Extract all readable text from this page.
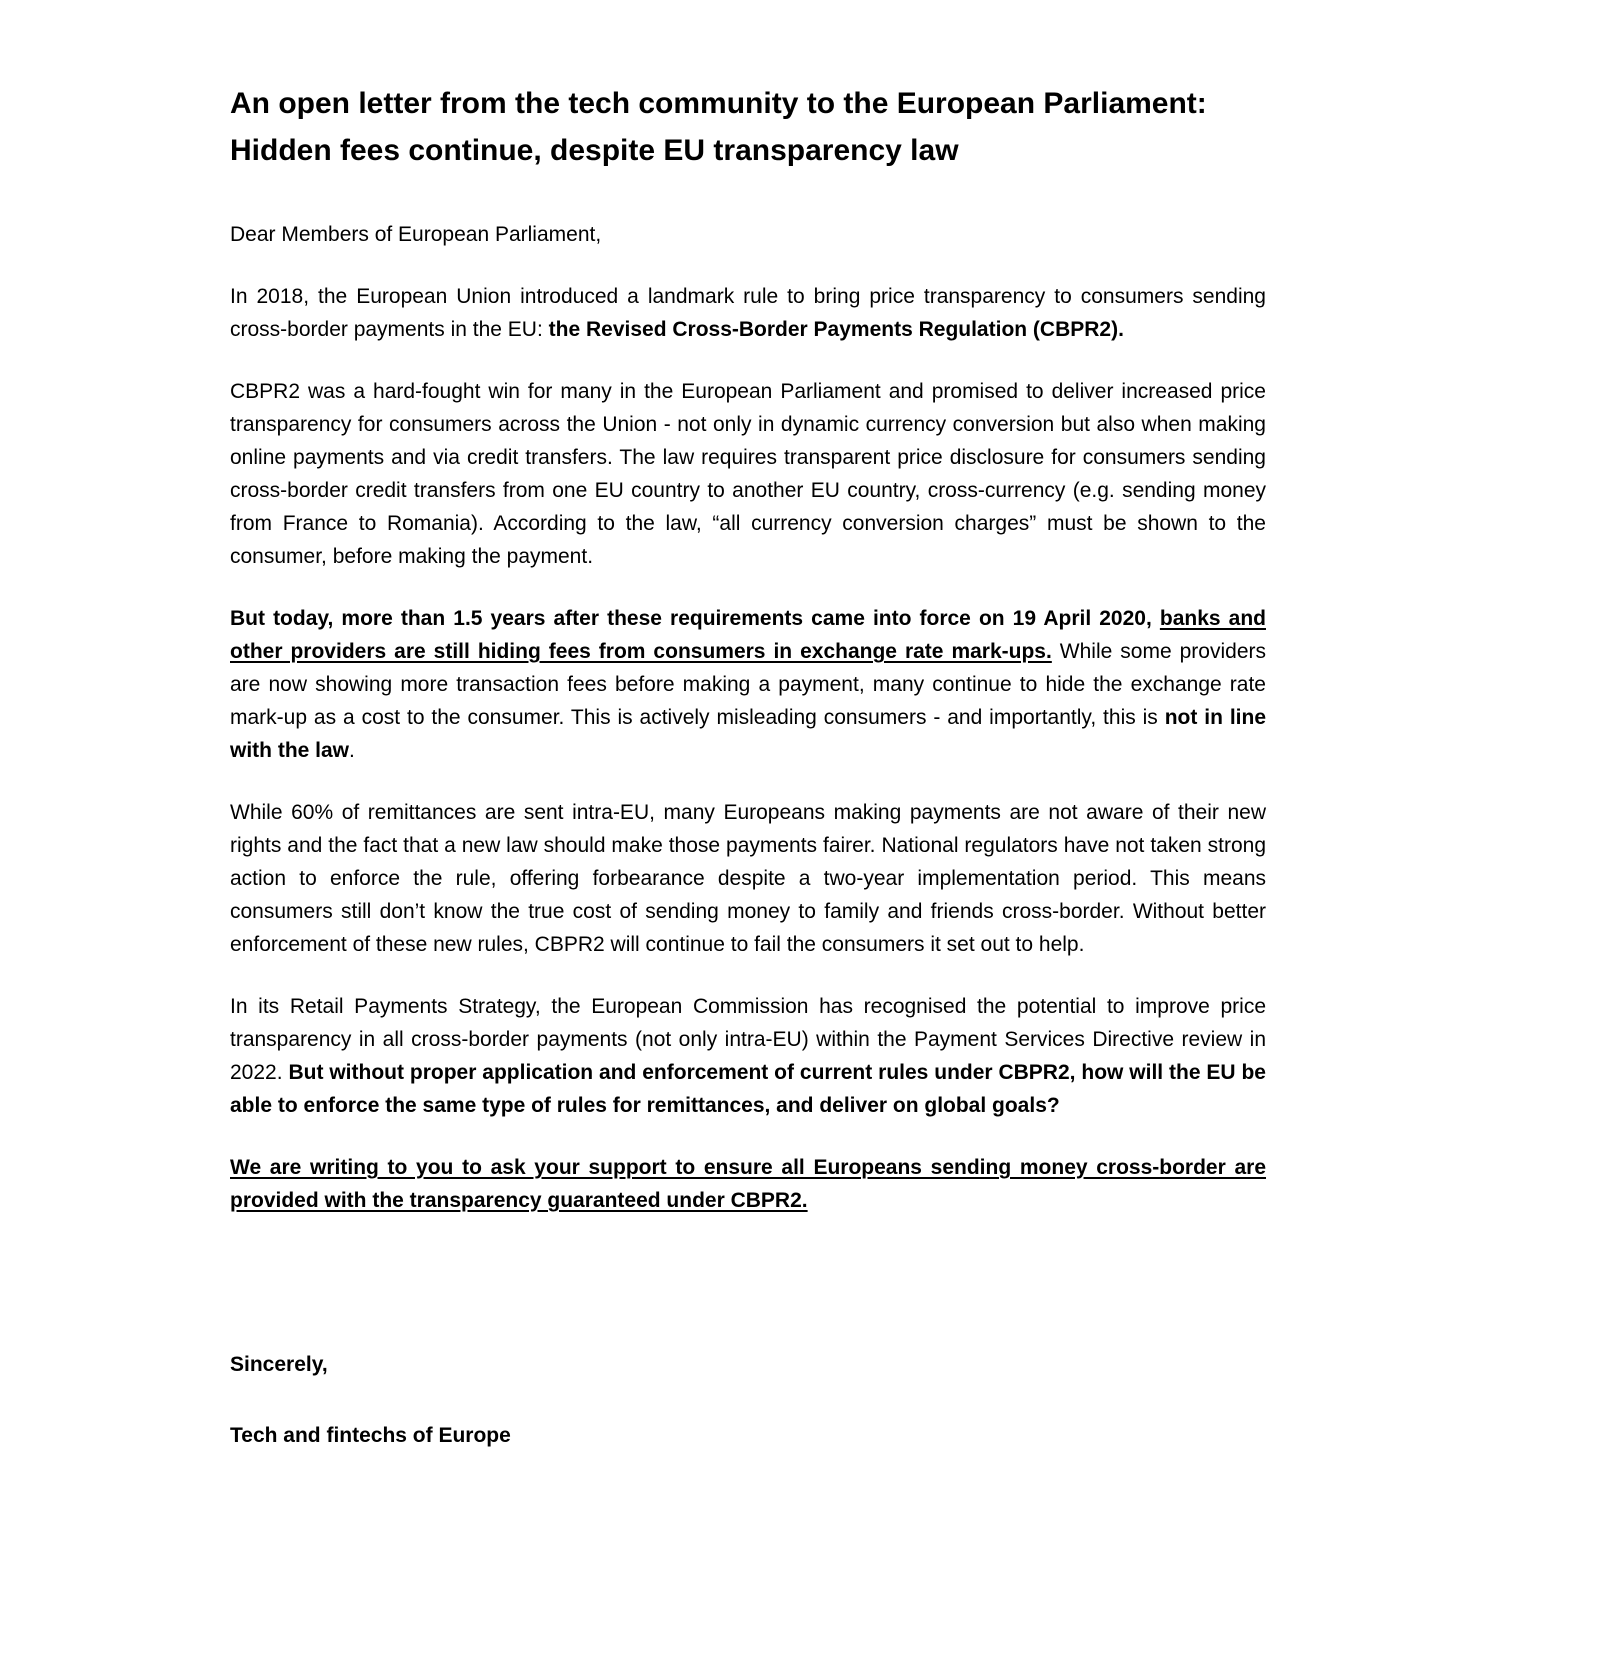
An open letter from the tech community to the European Parliament:
Hidden fees continue, despite EU transparency law

Dear Members of European Parliament,

In 2018, the European Union introduced a landmark rule to bring price transparency to consumers sending cross-border payments in the EU: the Revised Cross-Border Payments Regulation (CBPR2).

CBPR2 was a hard-fought win for many in the European Parliament and promised to deliver increased price transparency for consumers across the Union - not only in dynamic currency conversion but also when making online payments and via credit transfers. The law requires transparent price disclosure for consumers sending cross-border credit transfers from one EU country to another EU country, cross-currency (e.g. sending money from France to Romania). According to the law, “all currency conversion charges” must be shown to the consumer, before making the payment.

But today, more than 1.5 years after these requirements came into force on 19 April 2020, banks and other providers are still hiding fees from consumers in exchange rate mark-ups. While some providers are now showing more transaction fees before making a payment, many continue to hide the exchange rate mark-up as a cost to the consumer. This is actively misleading consumers - and importantly, this is not in line with the law.

While 60% of remittances are sent intra-EU, many Europeans making payments are not aware of their new rights and the fact that a new law should make those payments fairer. National regulators have not taken strong action to enforce the rule, offering forbearance despite a two-year implementation period. This means consumers still don’t know the true cost of sending money to family and friends cross-border. Without better enforcement of these new rules, CBPR2 will continue to fail the consumers it set out to help.

In its Retail Payments Strategy, the European Commission has recognised the potential to improve price transparency in all cross-border payments (not only intra-EU) within the Payment Services Directive review in 2022. But without proper application and enforcement of current rules under CBPR2, how will the EU be able to enforce the same type of rules for remittances, and deliver on global goals?

We are writing to you to ask your support to ensure all Europeans sending money cross-border are provided with the transparency guaranteed under CBPR2.

Sincerely,

Tech and fintechs of Europe
